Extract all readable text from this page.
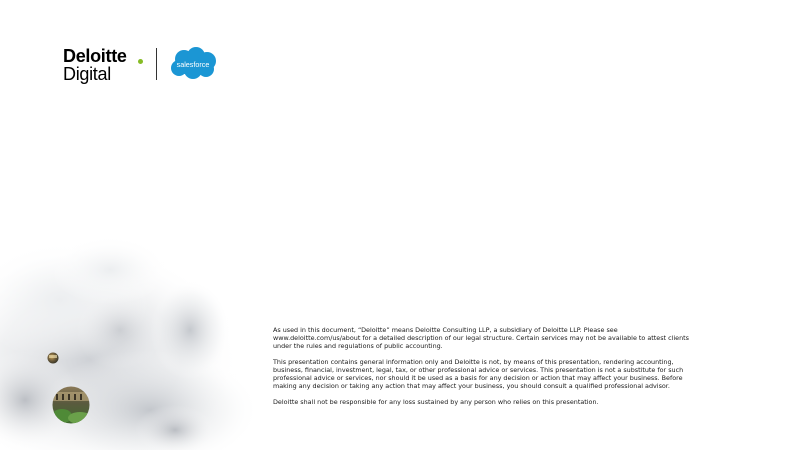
Deloitte
Digital	salesforce

As used in this document, “Deloitte” means Deloitte Consulting LLP, a subsidiary of Deloitte LLP. Please see www.deloitte.com/us/about for a detailed description of our legal structure. Certain services may not be available to attest clients under the rules and regulations of public accounting.

This presentation contains general information only and Deloitte is not, by means of this presentation, rendering accounting, business, financial, investment, legal, tax, or other professional advice or services. This presentation is not a substitute for such professional advice or services, nor should it be used as a basis for any decision or action that may affect your business. Before making any decision or taking any action that may affect your business, you should consult a qualified professional advisor.

Deloitte shall not be responsible for any loss sustained by any person who relies on this presentation.
